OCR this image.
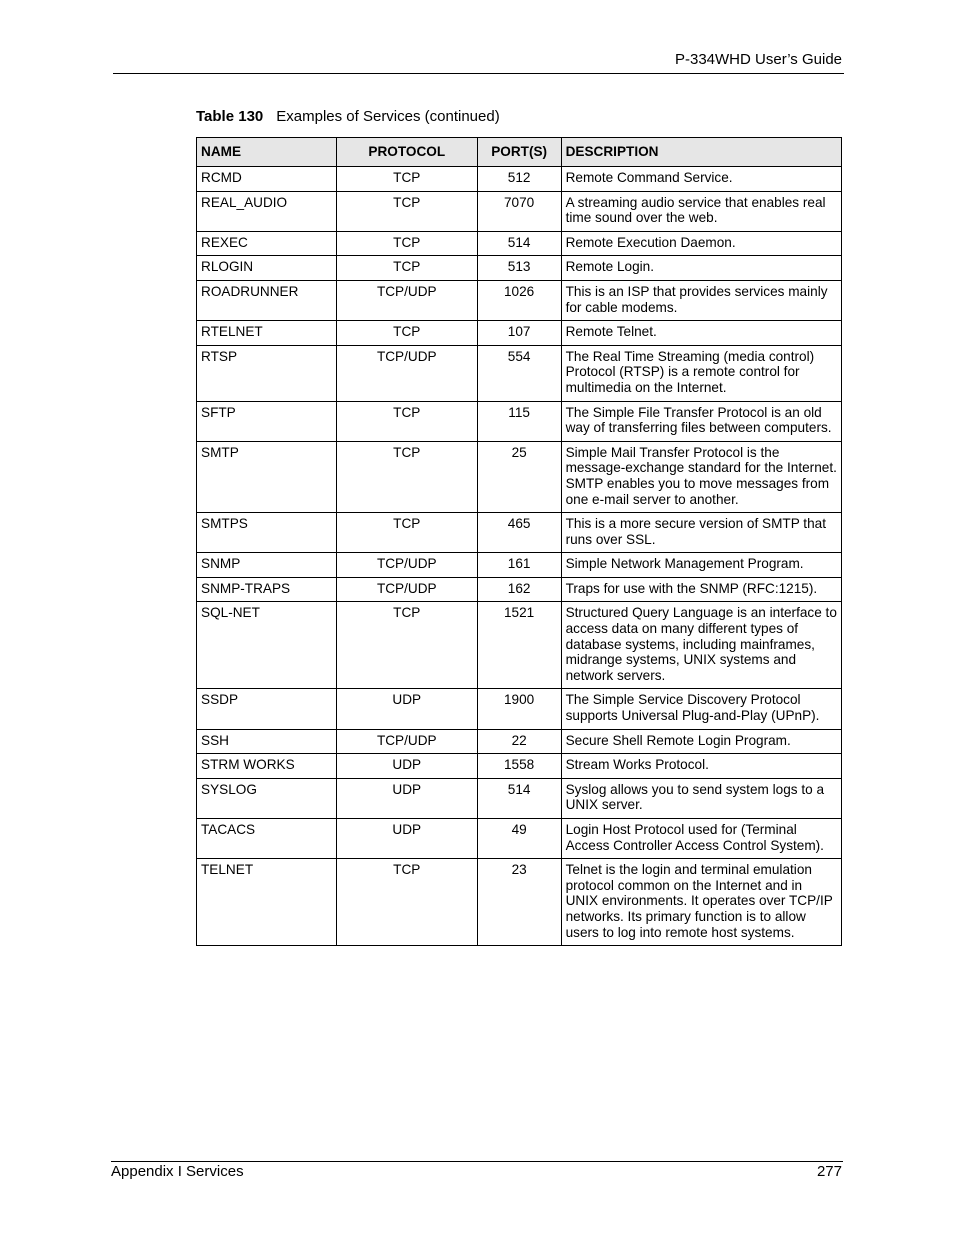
P-334WHD User’s Guide
Table 130 Examples of Services (continued)
NAME	PROTOCOL	PORT(S)	DESCRIPTION
RCMD	TCP	512	Remote Command Service.
REAL_AUDIO	TCP	7070	A streaming audio service that enables real time sound over the web.
REXEC	TCP	514	Remote Execution Daemon.
RLOGIN	TCP	513	Remote Login.
ROADRUNNER	TCP/UDP	1026	This is an ISP that provides services mainly for cable modems.
RTELNET	TCP	107	Remote Telnet.
RTSP	TCP/UDP	554	The Real Time Streaming (media control) Protocol (RTSP) is a remote control for multimedia on the Internet.
SFTP	TCP	115	The Simple File Transfer Protocol is an old way of transferring files between computers.
SMTP	TCP	25	Simple Mail Transfer Protocol is the message-exchange standard for the Internet. SMTP enables you to move messages from one e-mail server to another.
SMTPS	TCP	465	This is a more secure version of SMTP that runs over SSL.
SNMP	TCP/UDP	161	Simple Network Management Program.
SNMP-TRAPS	TCP/UDP	162	Traps for use with the SNMP (RFC:1215).
SQL-NET	TCP	1521	Structured Query Language is an interface to access data on many different types of database systems, including mainframes, midrange systems, UNIX systems and network servers.
SSDP	UDP	1900	The Simple Service Discovery Protocol supports Universal Plug-and-Play (UPnP).
SSH	TCP/UDP	22	Secure Shell Remote Login Program.
STRM WORKS	UDP	1558	Stream Works Protocol.
SYSLOG	UDP	514	Syslog allows you to send system logs to a UNIX server.
TACACS	UDP	49	Login Host Protocol used for (Terminal Access Controller Access Control System).
TELNET	TCP	23	Telnet is the login and terminal emulation protocol common on the Internet and in UNIX environments. It operates over TCP/IP networks. Its primary function is to allow users to log into remote host systems.
Appendix I Services	277
